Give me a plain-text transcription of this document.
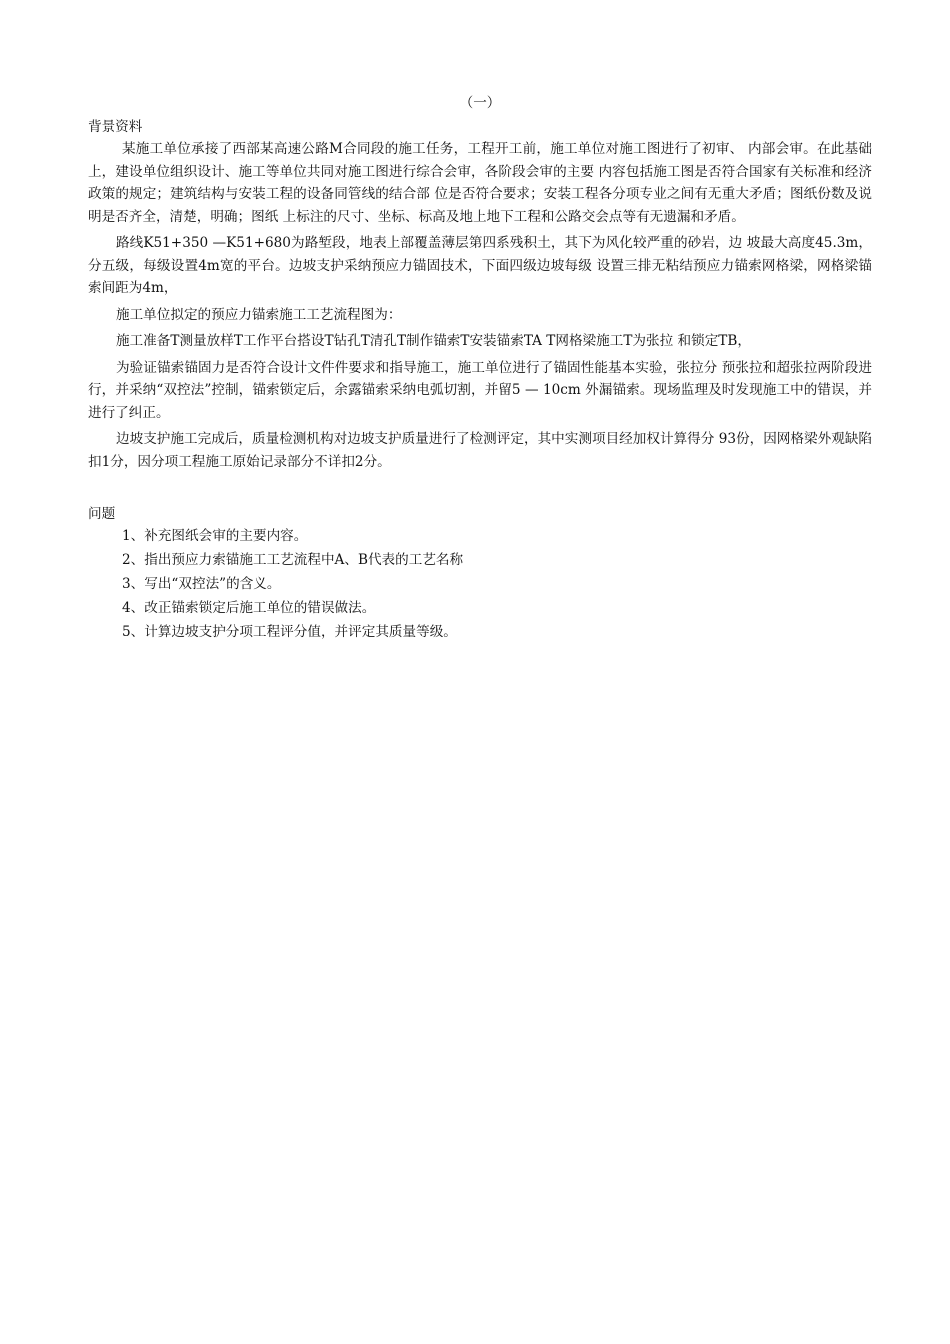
（一）
背景资料

某施工单位承接了西部某高速公路M合同段的施工任务，工程开工前，施工单位对施工图进行了初审、 内部会审。在此基础上，建设单位组织设计、施工等单位共同对施工图进行综合会审，各阶段会审的主要 内容包括施工图是否符合国家有关标准和经济政策的规定；建筑结构与安装工程的设备同管线的结合部 位是否符合要求；安装工程各分项专业之间有无重大矛盾；图纸份数及说明是否齐全，清楚，明确；图纸 上标注的尺寸、坐标、标高及地上地下工程和公路交会点等有无遗漏和矛盾。

路线K51+350 —K51+680为路堑段，地表上部覆盖薄层第四系残积土，其下为风化较严重的砂岩，边 坡最大高度45.3m，分五级，每级设置4m宽的平台。边坡支护采纳预应力锚固技术，下面四级边坡每级 设置三排无粘结预应力锚索网格梁，网格梁锚索间距为4m，

施工单位拟定的预应力锚索施工工艺流程图为：

施工准备T测量放样T工作平台搭设T钻孔T清孔T制作锚索T安装锚索TA T网格梁施工T为张拉 和锁定TB，

为验证锚索锚固力是否符合设计文件件要求和指导施工，施工单位进行了锚固性能基本实验，张拉分 预张拉和超张拉两阶段进行，并采纳“双控法”控制，锚索锁定后，余露锚索采纳电弧切割，并留5 — 10cm 外漏锚索。现场监理及时发现施工中的错误，并进行了纠正。

边坡支护施工完成后，质量检测机构对边坡支护质量进行了检测评定，其中实测项目经加权计算得分 93份，因网格梁外观缺陷扣1分，因分项工程施工原始记录部分不详扣2分。

问题
1、补充图纸会审的主要内容。
2、指出预应力索锚施工工艺流程中A、B代表的工艺名称
3、写出“双控法”的含义。
4、改正锚索锁定后施工单位的错误做法。
5、计算边坡支护分项工程评分值，并评定其质量等级。
